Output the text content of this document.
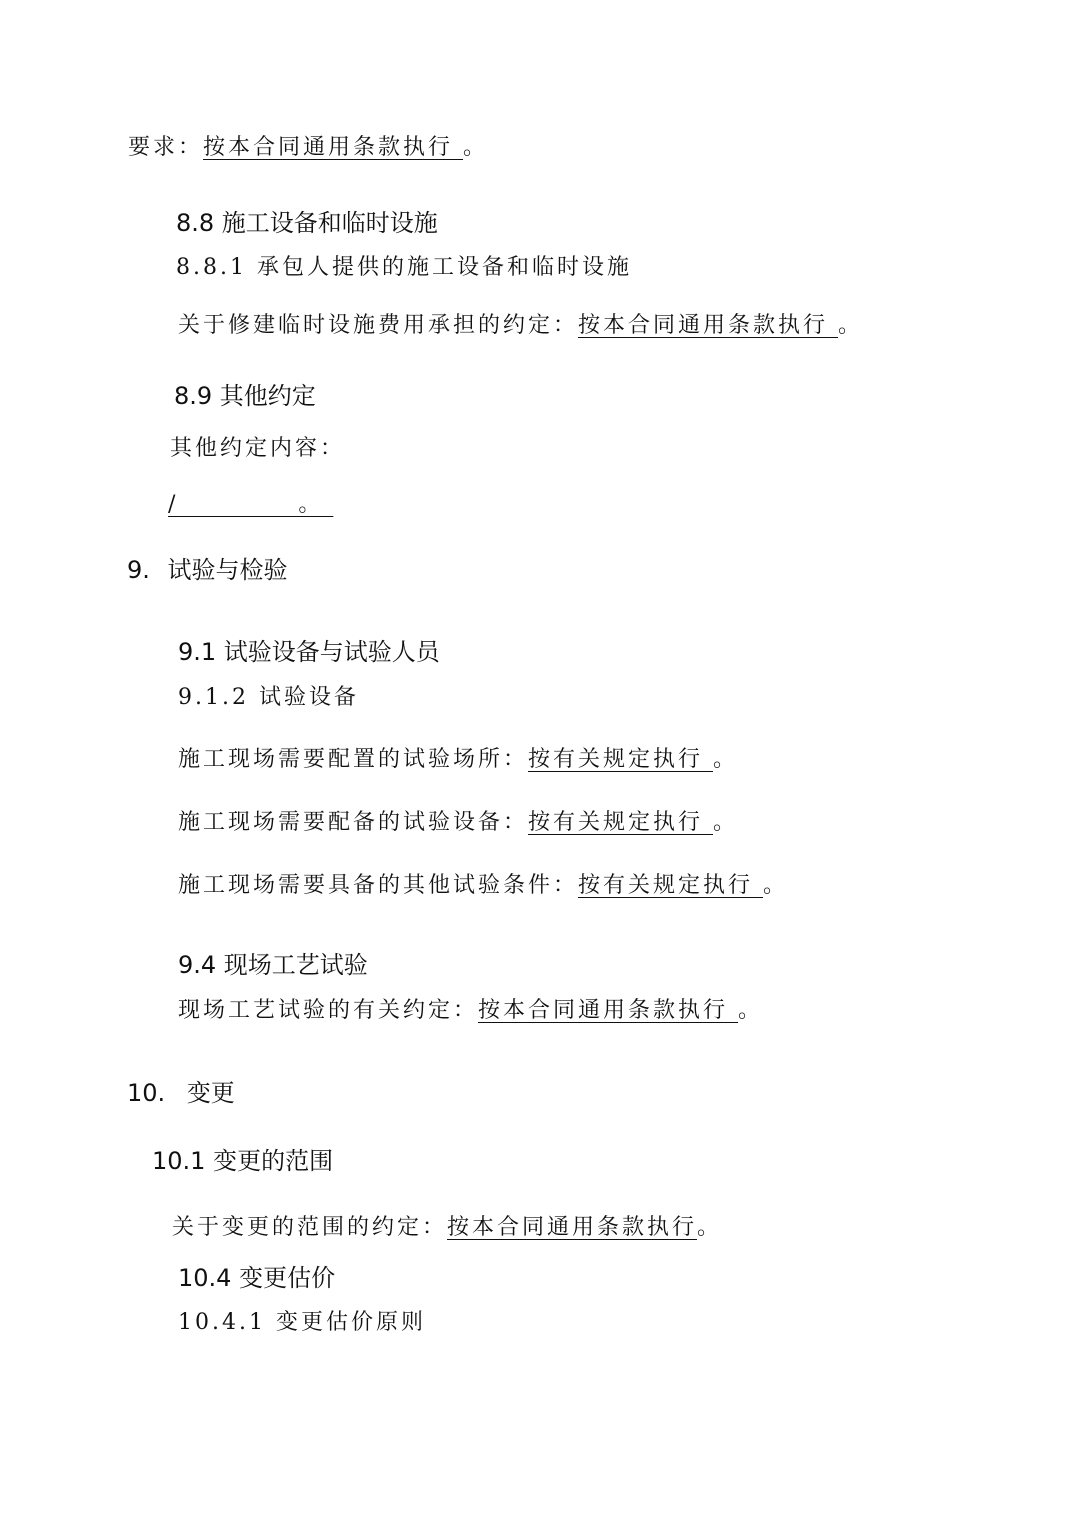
要求：按本合同通用条款执行 。
8.8 施工设备和临时设施
8.8.1 承包人提供的施工设备和临时设施
关于修建临时设施费用承担的约定：按本合同通用条款执行 。
8.9 其他约定
其他约定内容：
/            。
9. 试验与检验
9.1 试验设备与试验人员
9.1.2 试验设备
施工现场需要配置的试验场所：按有关规定执行 。
施工现场需要配备的试验设备：按有关规定执行 。
施工现场需要具备的其他试验条件：按有关规定执行 。
9.4 现场工艺试验
现场工艺试验的有关约定：按本合同通用条款执行 。
10. 变更
10.1 变更的范围
关于变更的范围的约定：按本合同通用条款执行。
10.4 变更估价
10.4.1 变更估价原则
